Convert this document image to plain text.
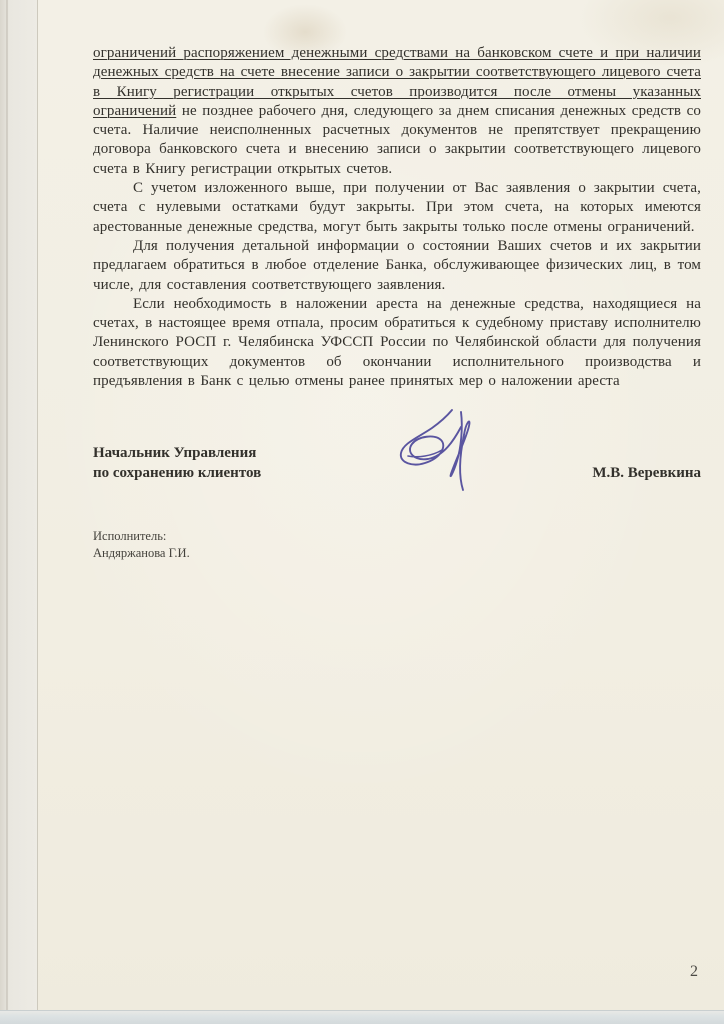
ограничений распоряжением денежными средствами на банковском счете и при наличии денежных средств на счете внесение записи о закрытии соответствующего лицевого счета в Книгу регистрации открытых счетов производится после отмены указанных ограничений не позднее рабочего дня, следующего за днем списания денежных средств со счета. Наличие неисполненных расчетных документов не препятствует прекращению договора банковского счета и внесению записи о закрытии соответствующего лицевого счета в Книгу регистрации открытых счетов.

С учетом изложенного выше, при получении от Вас заявления о закрытии счета, счета с нулевыми остатками будут закрыты. При этом счета, на которых имеются арестованные денежные средства, могут быть закрыты только после отмены ограничений.

Для получения детальной информации о состоянии Ваших счетов и их закрытии предлагаем обратиться в любое отделение Банка, обслуживающее физических лиц, в том числе, для составления соответствующего заявления.

Если необходимость в наложении ареста на денежные средства, находящиеся на счетах, в настоящее время отпала, просим обратиться к судебному приставу исполнителю Ленинского РОСП г. Челябинска УФССП России по Челябинской области для получения соответствующих документов об окончании исполнительного производства и предъявления в Банк с целью отмены ранее принятых мер о наложении ареста

Начальник Управления
по сохранению клиентов	М.В. Веревкина
Исполнитель:
Андяржанова Г.И.
2
